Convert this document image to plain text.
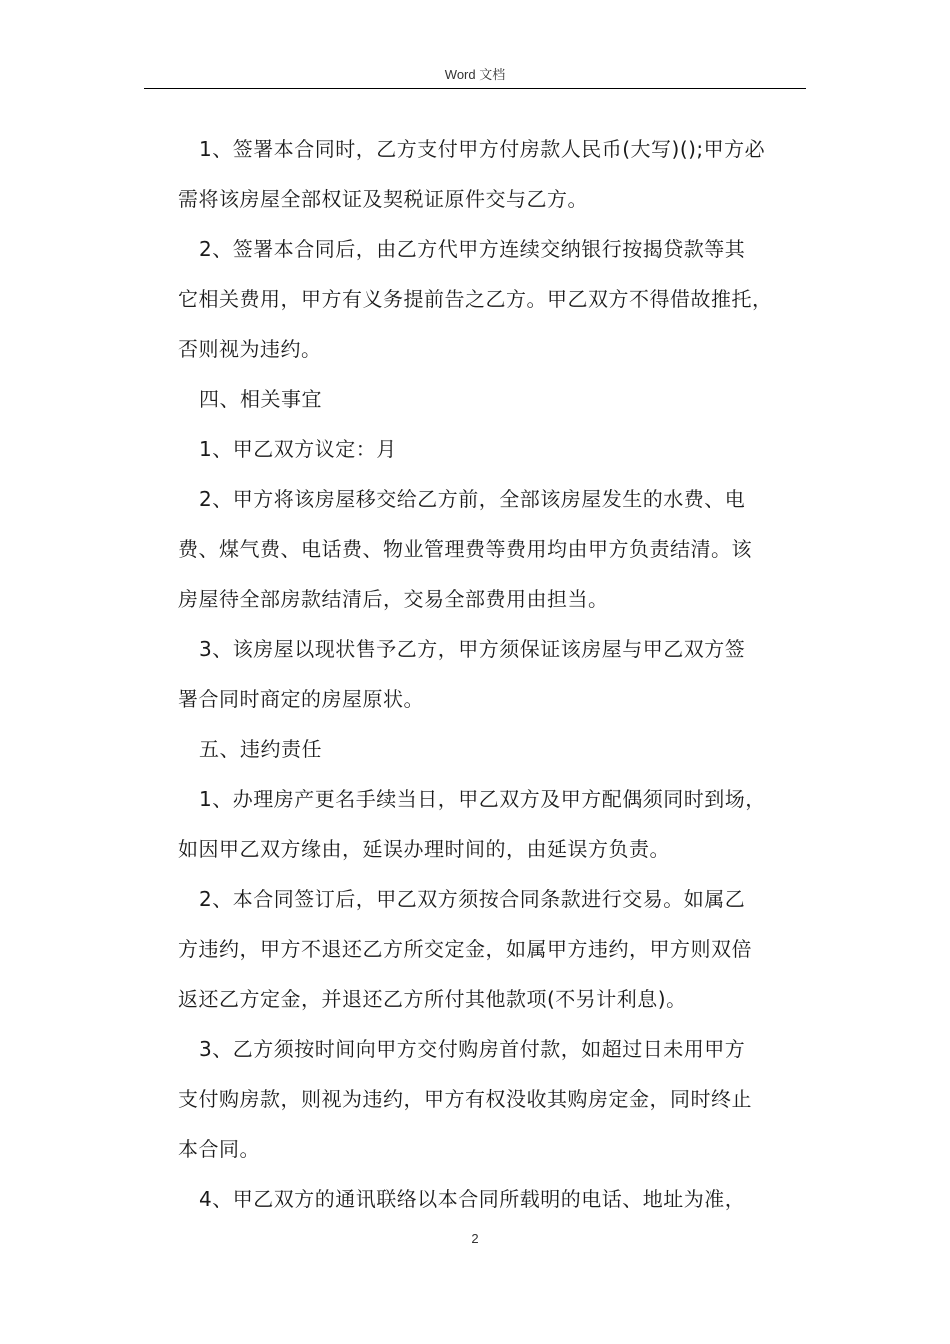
Word 文档

1、签署本合同时，乙方支付甲方付房款人民币(大写)();甲方必

需将该房屋全部权证及契税证原件交与乙方。

2、签署本合同后，由乙方代甲方连续交纳银行按揭贷款等其

它相关费用，甲方有义务提前告之乙方。甲乙双方不得借故推托，

否则视为违约。

四、相关事宜

1、甲乙双方议定：月

2、甲方将该房屋移交给乙方前，全部该房屋发生的水费、电

费、煤气费、电话费、物业管理费等费用均由甲方负责结清。该

房屋待全部房款结清后，交易全部费用由担当。

3、该房屋以现状售予乙方，甲方须保证该房屋与甲乙双方签

署合同时商定的房屋原状。

五、违约责任

1、办理房产更名手续当日，甲乙双方及甲方配偶须同时到场，

如因甲乙双方缘由，延误办理时间的，由延误方负责。

2、本合同签订后，甲乙双方须按合同条款进行交易。如属乙

方违约，甲方不退还乙方所交定金，如属甲方违约，甲方则双倍

返还乙方定金，并退还乙方所付其他款项(不另计利息)。

3、乙方须按时间向甲方交付购房首付款，如超过日未用甲方

支付购房款，则视为违约，甲方有权没收其购房定金，同时终止

本合同。

4、甲乙双方的通讯联络以本合同所载明的电话、地址为准，

2
